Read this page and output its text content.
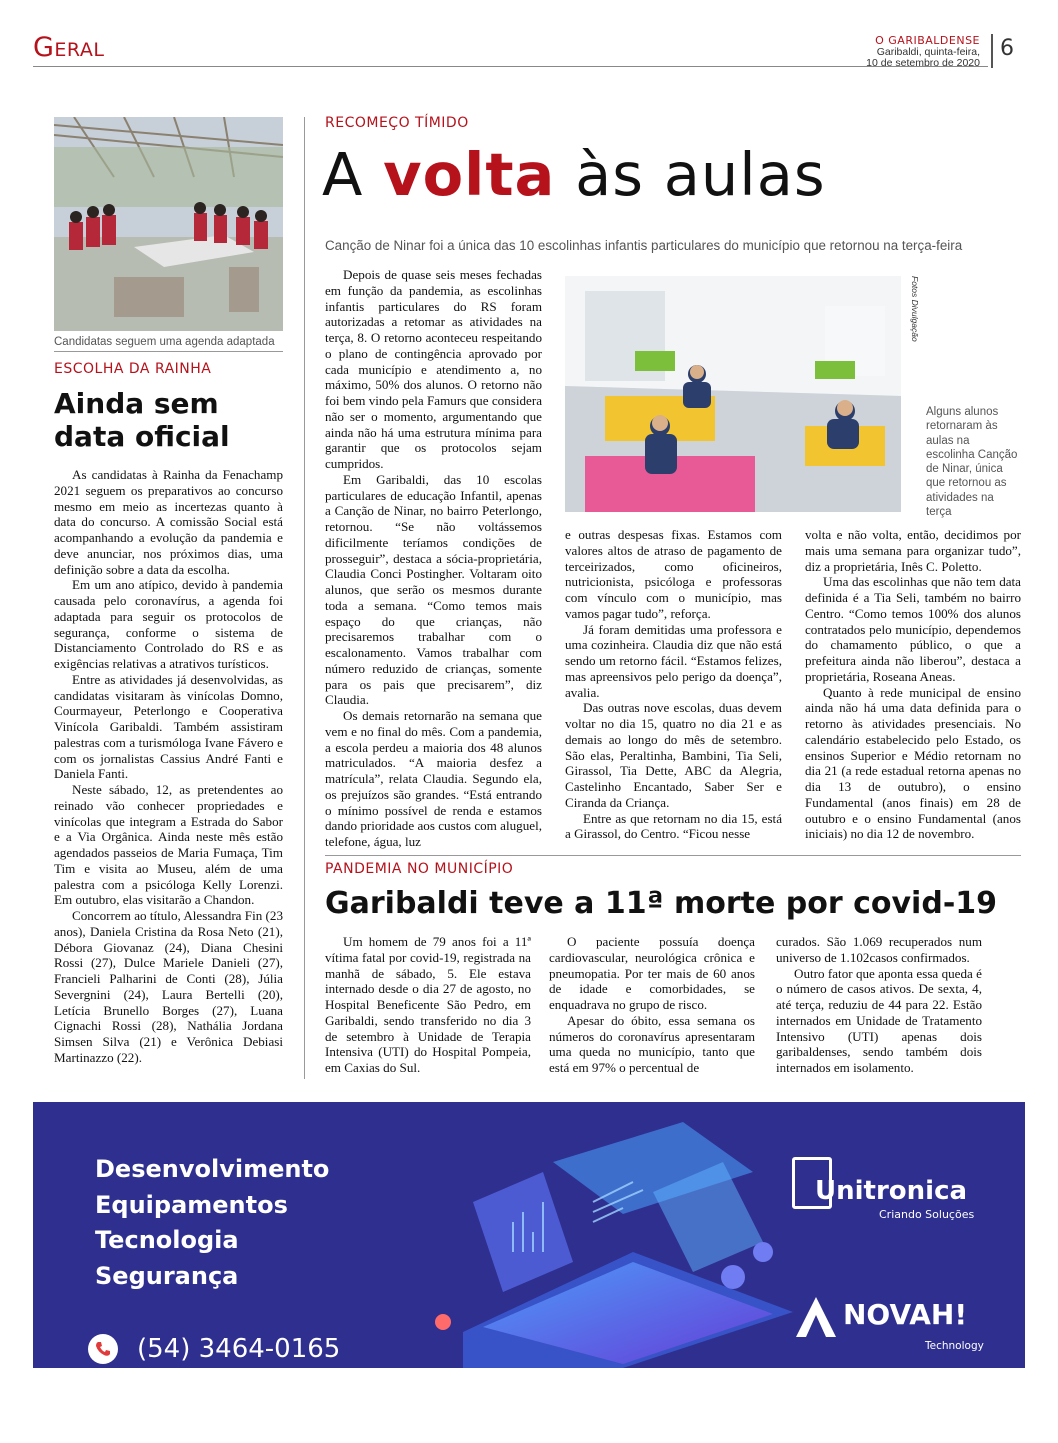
Geral	O GARIBALDENSE
Garibaldi, quinta-feira,
10 de setembro de 2020
6
Candidatas seguem uma agenda adaptada
ESCOLHA DA RAINHA
Ainda sem
data oficial

As candidatas à Rainha da Fenachamp 2021 seguem os preparativos ao concurso mesmo em meio as incertezas quanto à data do concurso. A comissão Social está acompanhando a evolução da pandemia e deve anunciar, nos próximos dias, uma definição sobre a data da escolha.

Em um ano atípico, devido à pandemia causada pelo coronavírus, a agenda foi adaptada para seguir os protocolos de segurança, conforme o sistema de Distanciamento Controlado do RS e as exigências relativas a atrativos turísticos.

Entre as atividades já desenvolvidas, as candidatas visitaram às vinícolas Domno, Courmayeur, Peterlongo e Cooperativa Vinícola Garibaldi. Também assistiram palestras com a turismóloga Ivane Fávero e com os jornalistas Cassius André Fanti e Daniela Fanti.

Neste sábado, 12, as pretendentes ao reinado vão conhecer propriedades e vinícolas que integram a Estrada do Sabor e a Via Orgânica. Ainda neste mês estão agendados passeios de Maria Fumaça, Tim Tim e visita ao Museu, além de uma palestra com a psicóloga Kelly Lorenzi. Em outubro, elas visitarão a Chandon.

Concorrem ao título, Alessandra Fin (23 anos), Daniela Cristina da Rosa Neto (21), Débora Giovanaz (24), Diana Chesini Rossi (27), Dulce Mariele Danieli (27), Francieli Palharini de Conti (28), Júlia Severgnini (24), Laura Bertelli (20), Letícia Brunello Borges (27), Luana Cignachi Rossi (28), Nathália Jordana Simsen Silva (21) e Verônica Debiasi Martinazzo (22).

RECOMEÇO TÍMIDO
A volta às aulas
Canção de Ninar foi a única das 10 escolinhas infantis particulares do município que retornou na terça-feira

Depois de quase seis meses fechadas em função da pandemia, as escolinhas infantis particulares do RS foram autorizadas a retomar as atividades na terça, 8. O retorno aconteceu respeitando o plano de contingência aprovado por cada município e atendimento a, no máximo, 50% dos alunos. O retorno não foi bem vindo pela Famurs que considera não ser o momento, argumentando que ainda não há uma estrutura mínima para garantir que os protocolos sejam cumpridos.

Em Garibaldi, das 10 escolas particulares de educação Infantil, apenas a Canção de Ninar, no bairro Peterlongo, retornou. “Se não voltássemos dificilmente teríamos condições de prosseguir”, destaca a sócia-proprietária, Claudia Conci Postingher. Voltaram oito alunos, que serão os mesmos durante toda a semana. “Como temos mais espaço do que crianças, não precisaremos trabalhar com o escalonamento. Vamos trabalhar com número reduzido de crianças, somente para os pais que precisarem”, diz Claudia.

Os demais retornarão na semana que vem e no final do mês. Com a pandemia, a escola perdeu a maioria dos 48 alunos matriculados. “A maioria desfez a matrícula”, relata Claudia. Segundo ela, os prejuízos são grandes. “Está entrando o mínimo possível de renda e estamos dando prioridade aos custos com aluguel, telefone, água, luz

Fotos Divulgação
Alguns alunos retornaram às aulas na escolinha Canção de Ninar, única que retornou as atividades na terça

e outras despesas fixas. Estamos com valores altos de atraso de pagamento de terceirizados, como oficineiros, nutricionista, psicóloga e professoras com vínculo com o município, mas vamos pagar tudo”, reforça.

Já foram demitidas uma professora e uma cozinheira. Claudia diz que não está sendo um retorno fácil. “Estamos felizes, mas apreensivos pelo perigo da doença”, avalia.

Das outras nove escolas, duas devem voltar no dia 15, quatro no dia 21 e as demais ao longo do mês de setembro. São elas, Peraltinha, Bambini, Tia Seli, Girassol, Tia Dette, ABC da Alegria, Castelinho Encantado, Saber Ser e Ciranda da Criança.

Entre as que retornam no dia 15, está a Girassol, do Centro. “Ficou nesse

volta e não volta, então, decidimos por mais uma semana para organizar tudo”, diz a proprietária, Inês C. Poletto.

Uma das escolinhas que não tem data definida é a Tia Seli, também no bairro Centro. “Como temos 100% dos alunos contratados pelo município, dependemos do chamamento público, o que a prefeitura ainda não liberou”, destaca a proprietária, Roseana Aneas.

Quanto à rede municipal de ensino ainda não há uma data definida para o retorno às atividades presenciais. No calendário estabelecido pelo Estado, os ensinos Superior e Médio retornam no dia 21 (a rede estadual retorna apenas no dia 13 de outubro), o ensino Fundamental (anos finais) em 28 de outubro e o ensino Fundamental (anos iniciais) no dia 12 de novembro.

PANDEMIA NO MUNICÍPIO
Garibaldi teve a 11ª morte por covid-19

Um homem de 79 anos foi a 11ª vítima fatal por covid-19, registrada na manhã de sábado, 5. Ele estava internado desde o dia 27 de agosto, no Hospital Beneficente São Pedro, em Garibaldi, sendo transferido no dia 3 de setembro à Unidade de Terapia Intensiva (UTI) do Hospital Pompeia, em Caxias do Sul.

O paciente possuía doença cardiovascular, neurológica crônica e pneumopatia. Por ter mais de 60 anos de idade e comorbidades, se enquadrava no grupo de risco.

Apesar do óbito, essa semana os números do coronavírus apresentaram uma queda no município, tanto que está em 97% o percentual de

curados. São 1.069 recuperados num universo de 1.102casos confirmados.

Outro fator que aponta essa queda é o número de casos ativos. De sexta, 4, até terça, reduziu de 44 para 22. Estão internados em Unidade de Tratamento Intensivo (UTI) apenas dois garibaldenses, sendo também dois internados em isolamento.

Desenvolvimento
Equipamentos
Tecnologia
Segurança
(54) 3464-0165
Unitronica
Criando Soluções
NOVAH!
Technology
